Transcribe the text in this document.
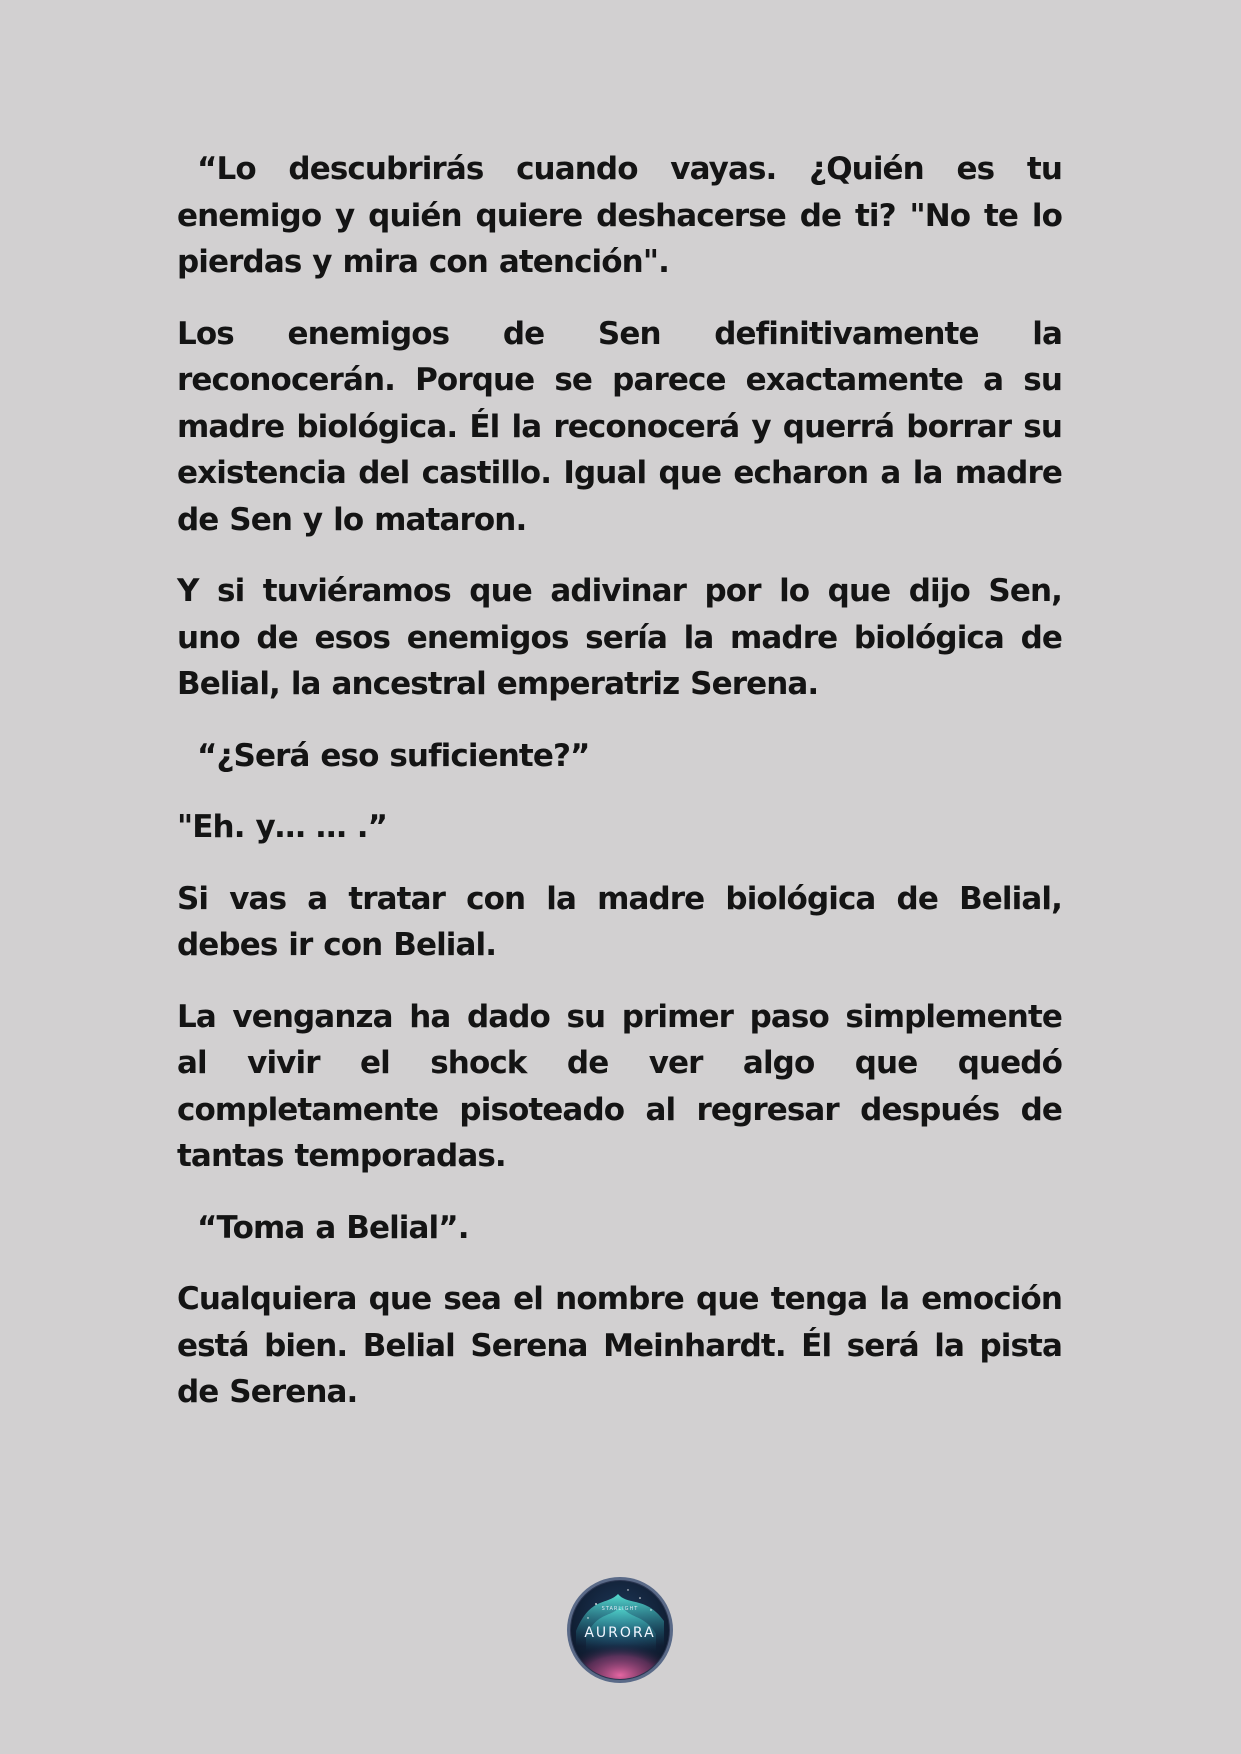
“Lo descubrirás cuando vayas. ¿Quién es tu enemigo y quién quiere deshacerse de ti? "No te lo pierdas y mira con atención".

Los enemigos de Sen definitivamente la reconocerán. Porque se parece exactamente a su madre biológica. Él la reconocerá y querrá borrar su existencia del castillo. Igual que echaron a la madre de Sen y lo mataron.

Y si tuviéramos que adivinar por lo que dijo Sen, uno de esos enemigos sería la madre biológica de Belial, la ancestral emperatriz Serena.

“¿Será eso suficiente?”

"Eh. y… … .”

Si vas a tratar con la madre biológica de Belial, debes ir con Belial.

La venganza ha dado su primer paso simplemente al vivir el shock de ver algo que quedó completamente pisoteado al regresar después de tantas temporadas.

“Toma a Belial”.

Cualquiera que sea el nombre que tenga la emoción está bien. Belial Serena Meinhardt. Él será la pista de Serena.

STARLIGHT
AURORA
